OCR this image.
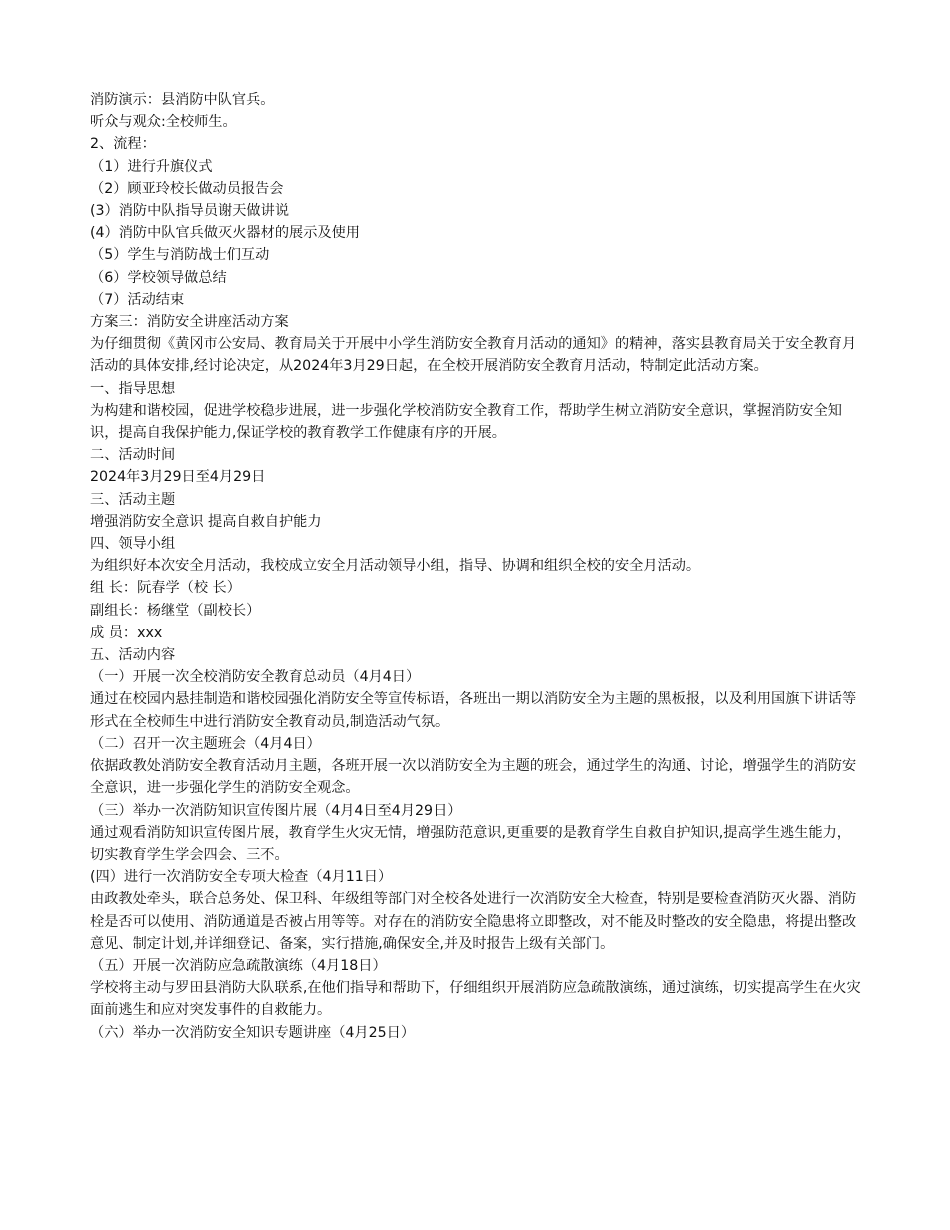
消防演示：县消防中队官兵。

听众与观众:全校师生。

2、流程：

（1）进行升旗仪式

（2）顾亚玲校长做动员报告会

(3）消防中队指导员谢天做讲说

(4）消防中队官兵做灭火器材的展示及使用

（5）学生与消防战士们互动

（6）学校领导做总结

（7）活动结束

方案三：消防安全讲座活动方案

为仔细贯彻《黄冈市公安局、教育局关于开展中小学生消防安全教育月活动的通知》的精神，落实县教育局关于安全教育月活动的具体安排,经讨论决定，从2024年3月29日起，在全校开展消防安全教育月活动，特制定此活动方案。

一、指导思想

为构建和谐校园，促进学校稳步进展，进一步强化学校消防安全教育工作，帮助学生树立消防安全意识，掌握消防安全知识，提高自我保护能力,保证学校的教育教学工作健康有序的开展。

二、活动时间

2024年3月29日至4月29日

三、活动主题

增强消防安全意识 提高自救自护能力

四、领导小组

为组织好本次安全月活动，我校成立安全月活动领导小组，指导、协调和组织全校的安全月活动。

组 长：阮春学（校 长）

副组长：杨继堂（副校长）

成 员：xxx

五、活动内容

（一）开展一次全校消防安全教育总动员（4月4日）

通过在校园内悬挂制造和谐校园强化消防安全等宣传标语，各班出一期以消防安全为主题的黑板报，以及利用国旗下讲话等形式在全校师生中进行消防安全教育动员,制造活动气氛。

（二）召开一次主题班会（4月4日）

依据政教处消防安全教育活动月主题，各班开展一次以消防安全为主题的班会，通过学生的沟通、讨论，增强学生的消防安全意识，进一步强化学生的消防安全观念。

（三）举办一次消防知识宣传图片展（4月4日至4月29日）

通过观看消防知识宣传图片展，教育学生火灾无情，增强防范意识,更重要的是教育学生自救自护知识,提高学生逃生能力，切实教育学生学会四会、三不。

(四）进行一次消防安全专项大检查（4月11日）

由政教处牵头，联合总务处、保卫科、年级组等部门对全校各处进行一次消防安全大检查，特别是要检查消防灭火器、消防栓是否可以使用、消防通道是否被占用等等。对存在的消防安全隐患将立即整改，对不能及时整改的安全隐患，将提出整改意见、制定计划,并详细登记、备案，实行措施,确保安全,并及时报告上级有关部门。

（五）开展一次消防应急疏散演练（4月18日）

学校将主动与罗田县消防大队联系,在他们指导和帮助下，仔细组织开展消防应急疏散演练，通过演练，切实提高学生在火灾面前逃生和应对突发事件的自救能力。

（六）举办一次消防安全知识专题讲座（4月25日）
